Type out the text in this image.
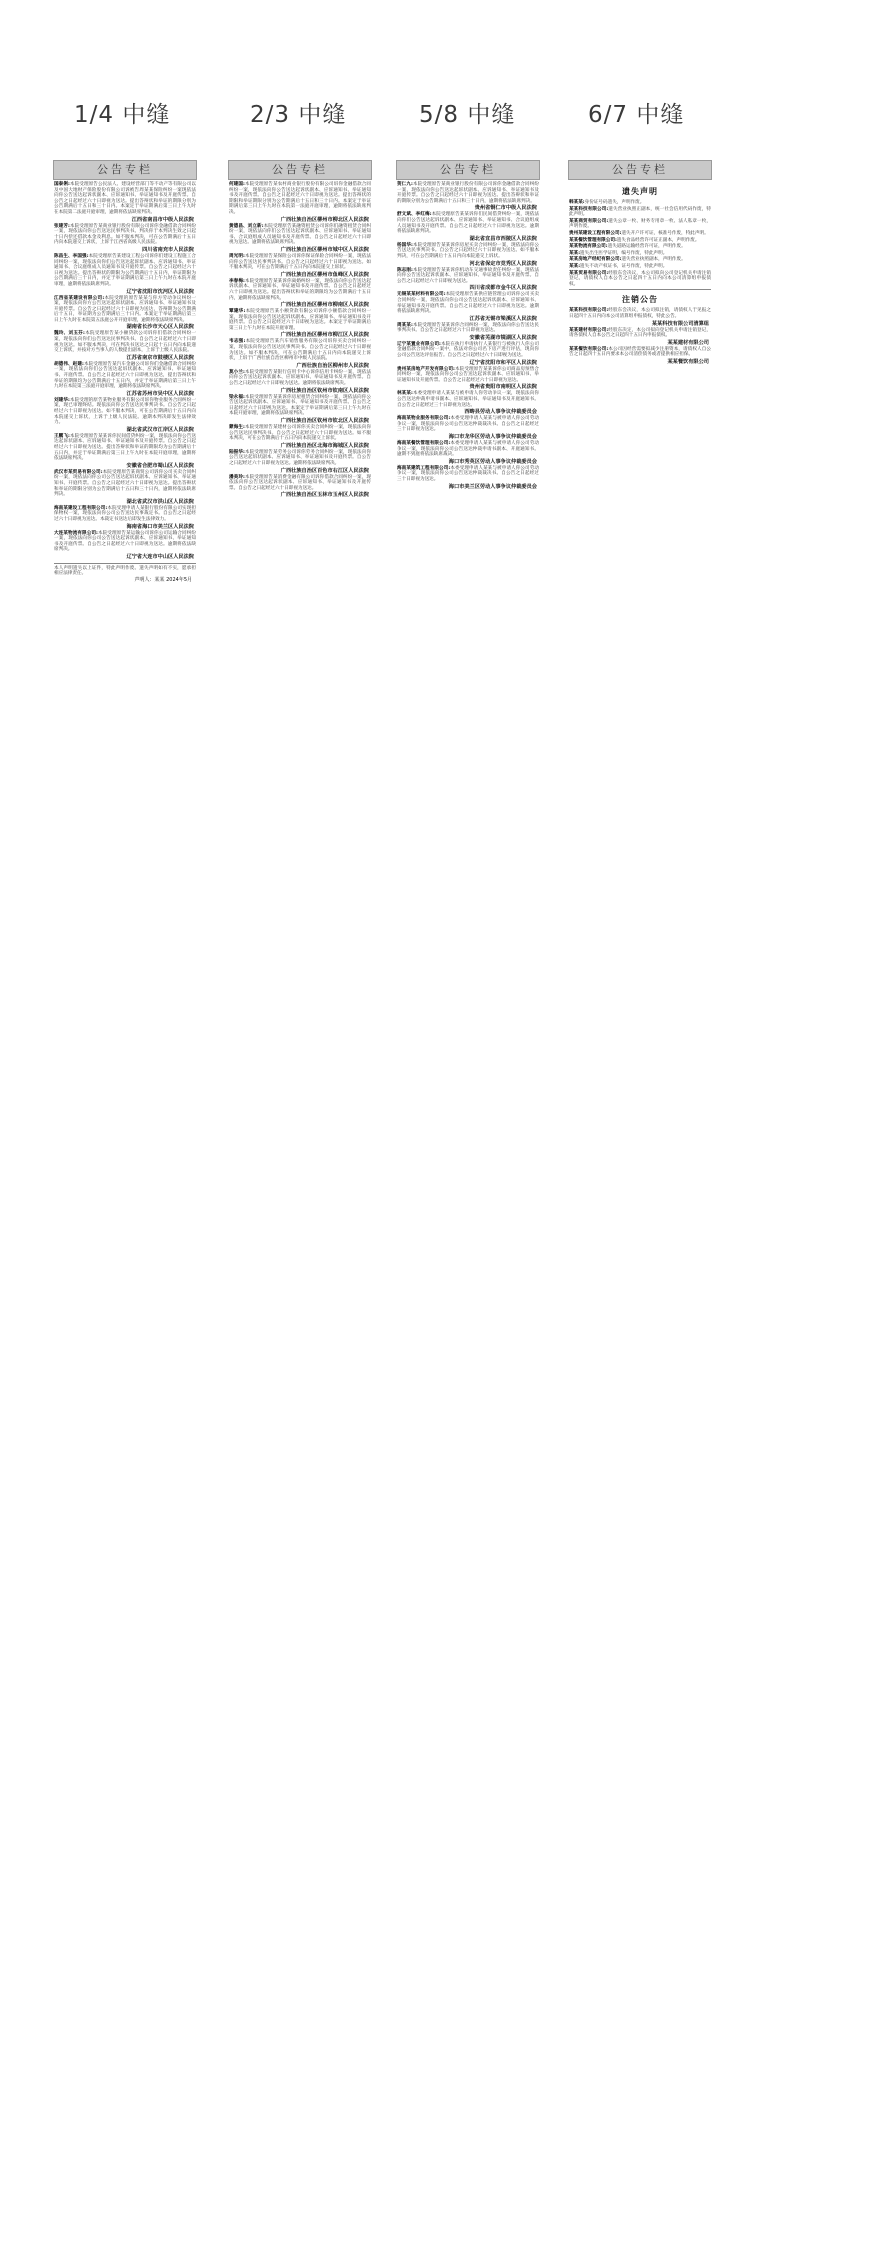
1/4 中缝	2/3 中缝	5/8 中缝	6/7 中缝
公告专栏
国泰俐:本院受理原告公民法人、建设经营部门等不动产等有限公司以及中国大地财产保险股份有限公司诉被告周某某保险纠纷一案现依法向你公告送达起诉状副本、应诉通知书、举证通知书及开庭传票。自公告之日起经过六十日即视为送达。提出答辩状和举证的期限分别为公告期满后十五日和三十日内。本案定于举证期满后第三日上午九时在本院第二法庭开庭审理，逾期将依法缺席判决。
江西省南昌市中级人民法院
张建芳:本院受理原告某商业银行股份有限公司诉你金融借款合同纠纷一案，现依法向你公告送达民事判决书。判决你于本判决生效之日起十日内偿还借款本金及利息。如不服本判决，可在公告期满后十五日内向本院递交上诉状，上诉于江西省高级人民法院。
四川省南充市人民法院
陈昌生、李国强:本院受理原告某建设工程公司诉你们建设工程施工合同纠纷一案，现依法向你们公告送达起诉状副本、应诉通知书、举证通知书、合议庭组成人员通知书及开庭传票。自公告之日起经过六十日视为送达。提出答辩状的期限为公告期满后十五日内，举证期限为公告期满后三十日内，并定于举证期满后第三日上午九时在本院开庭审理，逾期将依法缺席判决。
辽宁省沈阳市沈河区人民法院
江西省某建设有限公司:本院受理的原告某某与你方劳动争议纠纷一案，现依法向你方公告送达起诉状副本、应诉通知书、举证通知书及开庭传票。自公告之日起经过六十日即视为送达，答辩期为公告期满后十五日，举证期为公告期满后三十日内。本案定于举证期满后第三日上午九时在本院第五法庭公开开庭审理，逾期将依法缺席判决。
湖南省长沙市天心区人民法院
魏玲、刘玉芬:本院受理原告某小额贷款公司诉你们借款合同纠纷一案，现依法向你们公告送达民事判决书。自公告之日起经过六十日即视为送达。如不服本判决，可在判决书送达之日起十五日内向本院递交上诉状，并按对方当事人的人数提出副本，上诉于上级人民法院。
江苏省南京市鼓楼区人民法院
胡德伟、赵建:本院受理原告某汽车金融公司诉你们金融借款合同纠纷一案，现依法向你们公告送达起诉状副本、应诉通知书、举证通知书、开庭传票。自公告之日起经过六十日即视为送达，提出答辩状和举证的期限均为公告期满后十五日内，并定于举证期满后第三日上午九时在本院第三法庭开庭审理，逾期将依法缺席判决。
江苏省苏州市吴中区人民法院
刘建华:本院受理的原告某物业服务有限公司诉你物业服务合同纠纷一案，现已审理终结。现依法向你公告送达民事判决书。自公告之日起经过六十日即视为送达。如不服本判决，可在公告期满后十五日内向本院递交上诉状，上诉于上级人民法院。逾期本判决即发生法律效力。
湖北省武汉市江岸区人民法院
王鹏飞:本院受理原告某某诉你民间借贷纠纷一案，现依法向你公告送达起诉状副本、应诉通知书、举证通知书及开庭传票。自公告之日起经过六十日即视为送达。提出答辩状和举证的期限均为公告期满后十五日内，并定于举证期满后第三日上午九时在本院开庭审理，逾期将依法缺席判决。
安徽省合肥市蜀山区人民法院
武汉市某贸易有限公司:本院受理原告某商贸公司诉你公司买卖合同纠纷一案，现依法向你公司公告送达起诉状副本、应诉通知书、举证通知书、开庭传票。自公告之日起经过六十日即视为送达。提出答辩状和举证的期限分别为公告期满后十五日和三十日内，逾期将依法缺席判决。
湖北省武汉市洪山区人民法院
海南某建设工程有限公司:本院受理申请人某银行股份有限公司实现担保物权一案，现依法向你公司公告送达民事裁定书。自公告之日起经过六十日即视为送达。本裁定书送达后即发生法律效力。
海南省海口市美兰区人民法院
大连某物流有限公司:本院受理原告某运输公司诉你公司运输合同纠纷一案，现依法向你公司公告送达起诉状副本、应诉通知书、举证通知书及开庭传票。自公告之日起经过六十日即视为送达。逾期将依法缺席判决。
辽宁省大连市中山区人民法院
本人声明遗失以上证件，特此声明作废。遗失声明如有不实，愿承担相应法律责任。
声明人：某某 2024年5月
公告专栏
何建国:本院受理原告某农村商业银行股份有限公司诉你金融借款合同纠纷一案，现依法向你公告送达起诉状副本、应诉通知书、举证通知书及开庭传票。自公告之日起经过六十日即视为送达。提出答辩状的期限和举证期限分别为公告期满后十五日和三十日内。本案定于举证期满后第三日上午九时在本院第一法庭开庭审理，逾期将依法缺席判决。
广西壮族自治区柳州市柳北区人民法院
黄德昌、刘立新:本院受理原告某融资租赁公司诉你们融资租赁合同纠纷一案，现依法向你们公告送达起诉状副本、应诉通知书、举证通知书、合议庭组成人员通知书及开庭传票。自公告之日起经过六十日即视为送达。逾期将依法缺席判决。
广西壮族自治区柳州市城中区人民法院
周光明:本院受理原告某保险公司诉你保证保险合同纠纷一案，现依法向你公告送达民事判决书。自公告之日起经过六十日即视为送达。如不服本判决，可在公告期满后十五日内向本院递交上诉状。
广西壮族自治区柳州市鱼峰区人民法院
李春梅:本院受理原告某某诉你离婚纠纷一案，现依法向你公告送达起诉状副本、应诉通知书、举证通知书及开庭传票。自公告之日起经过六十日即视为送达。提出答辩状和举证的期限均为公告期满后十五日内，逾期将依法缺席判决。
广西壮族自治区柳州市柳南区人民法院
覃建华:本院受理原告某小额贷款有限公司诉你小额借款合同纠纷一案，现依法向你公告送达起诉状副本、应诉通知书、举证通知书及开庭传票。自公告之日起经过六十日即视为送达。本案定于举证期满后第三日上午九时在本院开庭审理。
广西壮族自治区柳州市柳江区人民法院
韦志强:本院受理原告某汽车销售服务有限公司诉你买卖合同纠纷一案，现依法向你公告送达民事判决书。自公告之日起经过六十日即视为送达。如不服本判决，可在公告期满后十五日内向本院递交上诉状，上诉于广西壮族自治区柳州市中级人民法院。
广西壮族自治区柳州市人民法院
莫小兰:本院受理原告某银行信用卡中心诉你信用卡纠纷一案，现依法向你公告送达起诉状副本、应诉通知书、举证通知书及开庭传票。自公告之日起经过六十日即视为送达。逾期将依法缺席判决。
广西壮族自治区钦州市钦南区人民法院
梁永福:本院受理原告某某诉你房屋租赁合同纠纷一案，现依法向你公告送达起诉状副本、应诉通知书、举证通知书及开庭传票。自公告之日起经过六十日即视为送达。本案定于举证期满后第三日上午九时在本院开庭审理，逾期将依法缺席判决。
广西壮族自治区钦州市钦北区人民法院
蒙海生:本院受理原告某建材公司诉你买卖合同纠纷一案，现依法向你公告送达民事判决书。自公告之日起经过六十日即视为送达。如不服本判决，可在公告期满后十五日内向本院递交上诉状。
广西壮族自治区北海市海城区人民法院
陆振华:本院受理原告某劳务公司诉你劳务合同纠纷一案，现依法向你公告送达起诉状副本、应诉通知书、举证通知书及开庭传票。自公告之日起经过六十日即视为送达。逾期将依法缺席判决。
广西壮族自治区百色市右江区人民法院
潘美玲:本院受理原告某消费金融有限公司诉你借款合同纠纷一案，现依法向你公告送达起诉状副本、应诉通知书、举证通知书及开庭传票。自公告之日起经过六十日即视为送达。
广西壮族自治区玉林市玉州区人民法院
公告专栏
贺仁九:本院受理原告某商业银行股份有限公司诉你金融借款合同纠纷一案，现依法向你公告送达起诉状副本、应诉通知书、举证通知书及开庭传票。自公告之日起经过六十日即视为送达。提出答辩状和举证的期限分别为公告期满后十五日和三十日内，逾期将依法缺席判决。
贵州省铜仁市中级人民法院
舒文斌、李红梅:本院受理原告某某诉你们民间借贷纠纷一案，现依法向你们公告送达起诉状副本、应诉通知书、举证通知书、合议庭组成人员通知书及开庭传票。自公告之日起经过六十日即视为送达。逾期将依法缺席判决。
湖北省宜昌市西陵区人民法院
杨国华:本院受理原告某某诉你房屋买卖合同纠纷一案，现依法向你公告送达民事判决书。自公告之日起经过六十日即视为送达。如不服本判决，可在公告期满后十五日内向本院递交上诉状。
河北省保定市竞秀区人民法院
陈志刚:本院受理原告某某诉你机动车交通事故责任纠纷一案，现依法向你公告送达起诉状副本、应诉通知书、举证通知书及开庭传票。自公告之日起经过六十日即视为送达。
四川省成都市金牛区人民法院
无锡某某材料有限公司:本院受理原告某供应链管理公司诉你公司买卖合同纠纷一案，现依法向你公司公告送达起诉状副本、应诉通知书、举证通知书及开庭传票。自公告之日起经过六十日即视为送达。逾期将依法缺席判决。
江苏省无锡市梁溪区人民法院
周某某:本院受理原告某某诉你合同纠纷一案，现依法向你公告送达民事判决书。自公告之日起经过六十日即视为送达。
安徽省芜湖市镜湖区人民法院
辽宁某置业有限公司:本院在执行申请执行人某银行与被执行人你公司金融借款合同纠纷一案中，依法对你公司名下房产进行评估，现向你公司公告送达评估报告。自公告之日起经过六十日即视为送达。
辽宁省沈阳市和平区人民法院
贵州某房地产开发有限公司:本院受理原告某某诉你公司商品房预售合同纠纷一案，现依法向你公司公告送达起诉状副本、应诉通知书、举证通知书及开庭传票。自公告之日起经过六十日即视为送达。
贵州省贵阳市南明区人民法院
林某某:本委受理申请人某某与被申请人你劳动争议一案，现依法向你公告送达仲裁申请书副本、应诉通知书、举证通知书及开庭通知书。自公告之日起经过三十日即视为送达。
西畴县劳动人事争议仲裁委员会
海南某物业服务有限公司:本委受理申请人某某与被申请人你公司劳动争议一案，现依法向你公司公告送达仲裁裁决书。自公告之日起经过三十日即视为送达。
海口市龙华区劳动人事争议仲裁委员会
海南某餐饮管理有限公司:本委受理申请人某某与被申请人你公司劳动争议一案，现依法向你公司公告送达仲裁申请书副本、开庭通知书。逾期不到庭将依法缺席裁决。
海口市秀英区劳动人事争议仲裁委员会
海南某建筑工程有限公司:本委受理申请人某某与被申请人你公司劳动争议一案，现依法向你公司公告送达仲裁裁决书。自公告之日起经过三十日即视为送达。
海口市美兰区劳动人事争议仲裁委员会
公告专栏
遗失声明
韩某某:身份证号码遗失，声明作废。
某某科技有限公司:遗失营业执照正副本，统一社会信用代码作废，特此声明。
某某商贸有限公司:遗失公章一枚、财务专用章一枚、法人私章一枚，声明作废。
贵州某建设工程有限公司:遗失开户许可证，核准号作废，特此声明。
某某餐饮管理有限公司:遗失食品经营许可证正副本，声明作废。
某某物流有限公司:遗失道路运输经营许可证，声明作废。
某某:遗失出生医学证明，编号作废，特此声明。
某某房地产经纪有限公司:遗失营业执照副本，声明作废。
某某:遗失不动产权证书，证号作废，特此声明。
某某贸易有限公司:经股东会决议，本公司拟向公司登记机关申请注销登记，请债权人自本公告之日起四十五日内向本公司清算组申报债权。
注销公告
某某科技有限公司:经股东会决议，本公司拟注销，请债权人于见报之日起四十五日内向本公司清算组申报债权，特此公告。
某某科技有限公司清算组
某某建材有限公司:经股东决定，本公司拟向登记机关申请注销登记，请各债权人自本公告之日起四十五日内申报债权。
某某建材有限公司
某某餐饮有限公司:本公司因经营需要拟减少注册资本，请债权人自公告之日起四十五日内要求本公司清偿债务或者提供相应担保。
某某餐饮有限公司
